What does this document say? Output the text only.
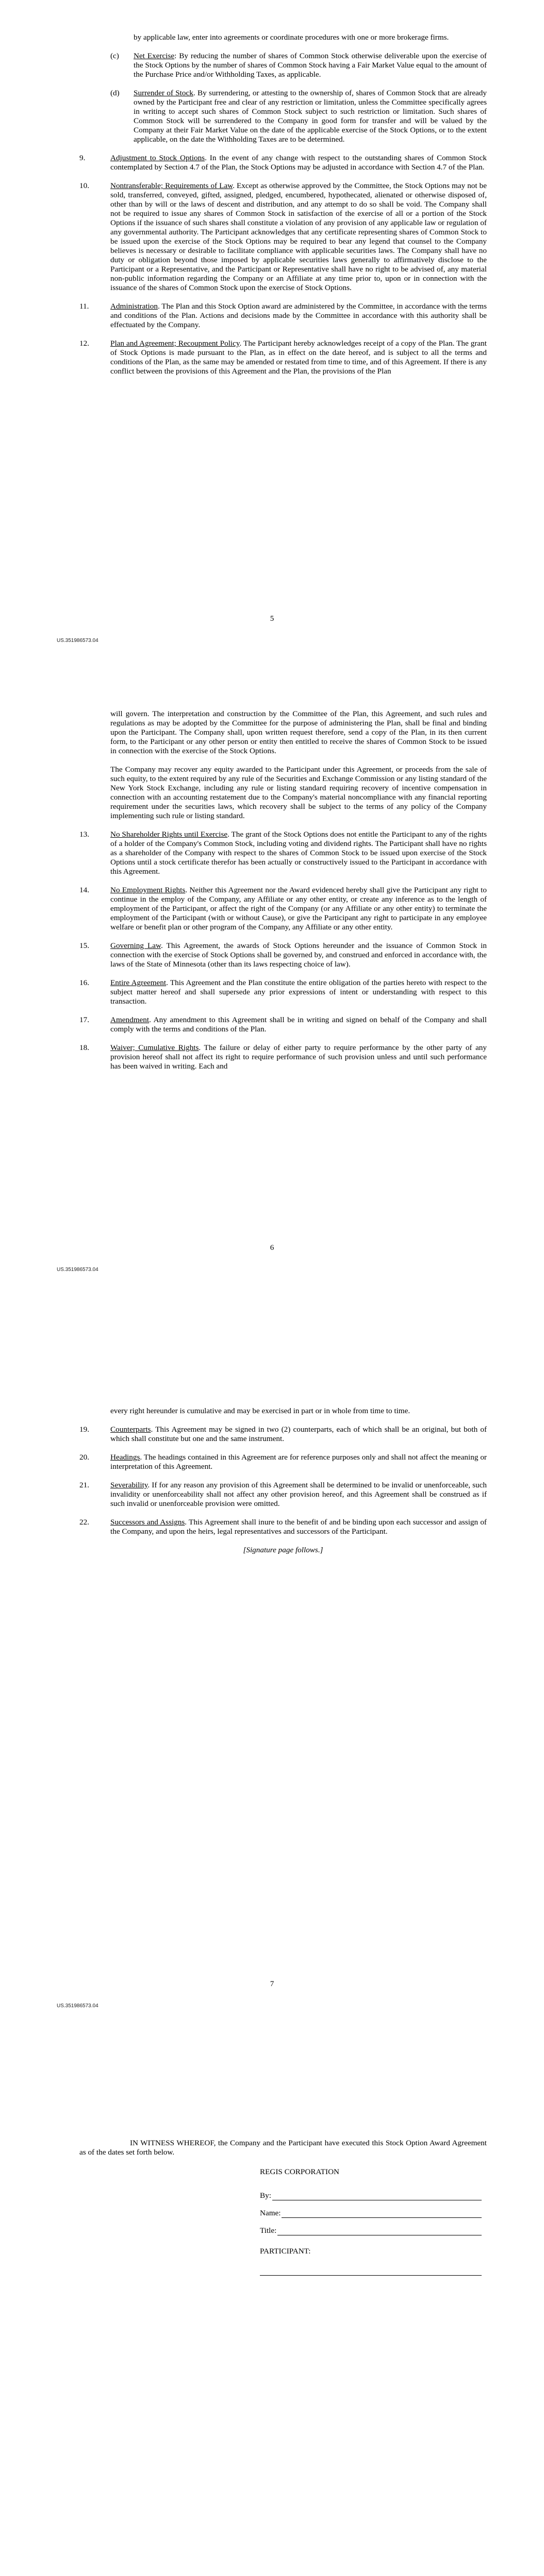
by applicable law, enter into agreements or coordinate procedures with one or more brokerage firms.
(c)	Net Exercise: By reducing the number of shares of Common Stock otherwise deliverable upon the exercise of the Stock Options by the number of shares of Common Stock having a Fair Market Value equal to the amount of the Purchase Price and/or Withholding Taxes, as applicable.
(d)	Surrender of Stock. By surrendering, or attesting to the ownership of, shares of Common Stock that are already owned by the Participant free and clear of any restriction or limitation, unless the Committee specifically agrees in writing to accept such shares of Common Stock subject to such restriction or limitation. Such shares of Common Stock will be surrendered to the Company in good form for transfer and will be valued by the Company at their Fair Market Value on the date of the applicable exercise of the Stock Options, or to the extent applicable, on the date the Withholding Taxes are to be determined.
9.	Adjustment to Stock Options. In the event of any change with respect to the outstanding shares of Common Stock contemplated by Section 4.7 of the Plan, the Stock Options may be adjusted in accordance with Section 4.7 of the Plan.
10.	Nontransferable; Requirements of Law. Except as otherwise approved by the Committee, the Stock Options may not be sold, transferred, conveyed, gifted, assigned, pledged, encumbered, hypothecated, alienated or otherwise disposed of, other than by will or the laws of descent and distribution, and any attempt to do so shall be void. The Company shall not be required to issue any shares of Common Stock in satisfaction of the exercise of all or a portion of the Stock Options if the issuance of such shares shall constitute a violation of any provision of any applicable law or regulation of any governmental authority. The Participant acknowledges that any certificate representing shares of Common Stock to be issued upon the exercise of the Stock Options may be required to bear any legend that counsel to the Company believes is necessary or desirable to facilitate compliance with applicable securities laws. The Company shall have no duty or obligation beyond those imposed by applicable securities laws generally to affirmatively disclose to the Participant or a Representative, and the Participant or Representative shall have no right to be advised of, any material non-public information regarding the Company or an Affiliate at any time prior to, upon or in connection with the issuance of the shares of Common Stock upon the exercise of Stock Options.
11.	Administration. The Plan and this Stock Option award are administered by the Committee, in accordance with the terms and conditions of the Plan. Actions and decisions made by the Committee in accordance with this authority shall be effectuated by the Company.
12.	Plan and Agreement; Recoupment Policy. The Participant hereby acknowledges receipt of a copy of the Plan. The grant of Stock Options is made pursuant to the Plan, as in effect on the date hereof, and is subject to all the terms and conditions of the Plan, as the same may be amended or restated from time to time, and of this Agreement. If there is any conflict between the provisions of this Agreement and the Plan, the provisions of the Plan
5
US.351986573.04
will govern. The interpretation and construction by the Committee of the Plan, this Agreement, and such rules and regulations as may be adopted by the Committee for the purpose of administering the Plan, shall be final and binding upon the Participant. The Company shall, upon written request therefore, send a copy of the Plan, in its then current form, to the Participant or any other person or entity then entitled to receive the shares of Common Stock to be issued in connection with the exercise of the Stock Options.
The Company may recover any equity awarded to the Participant under this Agreement, or proceeds from the sale of such equity, to the extent required by any rule of the Securities and Exchange Commission or any listing standard of the New York Stock Exchange, including any rule or listing standard requiring recovery of incentive compensation in connection with an accounting restatement due to the Company's material noncompliance with any financial reporting requirement under the securities laws, which recovery shall be subject to the terms of any policy of the Company implementing such rule or listing standard.
13.	No Shareholder Rights until Exercise. The grant of the Stock Options does not entitle the Participant to any of the rights of a holder of the Company's Common Stock, including voting and dividend rights. The Participant shall have no rights as a shareholder of the Company with respect to the shares of Common Stock to be issued upon exercise of the Stock Options until a stock certificate therefor has been actually or constructively issued to the Participant in accordance with this Agreement.
14.	No Employment Rights. Neither this Agreement nor the Award evidenced hereby shall give the Participant any right to continue in the employ of the Company, any Affiliate or any other entity, or create any inference as to the length of employment of the Participant, or affect the right of the Company (or any Affiliate or any other entity) to terminate the employment of the Participant (with or without Cause), or give the Participant any right to participate in any employee welfare or benefit plan or other program of the Company, any Affiliate or any other entity.
15.	Governing Law. This Agreement, the awards of Stock Options hereunder and the issuance of Common Stock in connection with the exercise of Stock Options shall be governed by, and construed and enforced in accordance with, the laws of the State of Minnesota (other than its laws respecting choice of law).
16.	Entire Agreement. This Agreement and the Plan constitute the entire obligation of the parties hereto with respect to the subject matter hereof and shall supersede any prior expressions of intent or understanding with respect to this transaction.
17.	Amendment. Any amendment to this Agreement shall be in writing and signed on behalf of the Company and shall comply with the terms and conditions of the Plan.
18.	Waiver; Cumulative Rights. The failure or delay of either party to require performance by the other party of any provision hereof shall not affect its right to require performance of such provision unless and until such performance has been waived in writing. Each and
6
US.351986573.04
every right hereunder is cumulative and may be exercised in part or in whole from time to time.
19.	Counterparts. This Agreement may be signed in two (2) counterparts, each of which shall be an original, but both of which shall constitute but one and the same instrument.
20.	Headings. The headings contained in this Agreement are for reference purposes only and shall not affect the meaning or interpretation of this Agreement.
21.	Severability. If for any reason any provision of this Agreement shall be determined to be invalid or unenforceable, such invalidity or unenforceability shall not affect any other provision hereof, and this Agreement shall be construed as if such invalid or unenforceable provision were omitted.
22.	Successors and Assigns. This Agreement shall inure to the benefit of and be binding upon each successor and assign of the Company, and upon the heirs, legal representatives and successors of the Participant.
[Signature page follows.]
7
US.351986573.04
IN WITNESS WHEREOF, the Company and the Participant have executed this Stock Option Award Agreement as of the dates set forth below.
REGIS CORPORATION
By:
Name:
Title:
PARTICIPANT:
